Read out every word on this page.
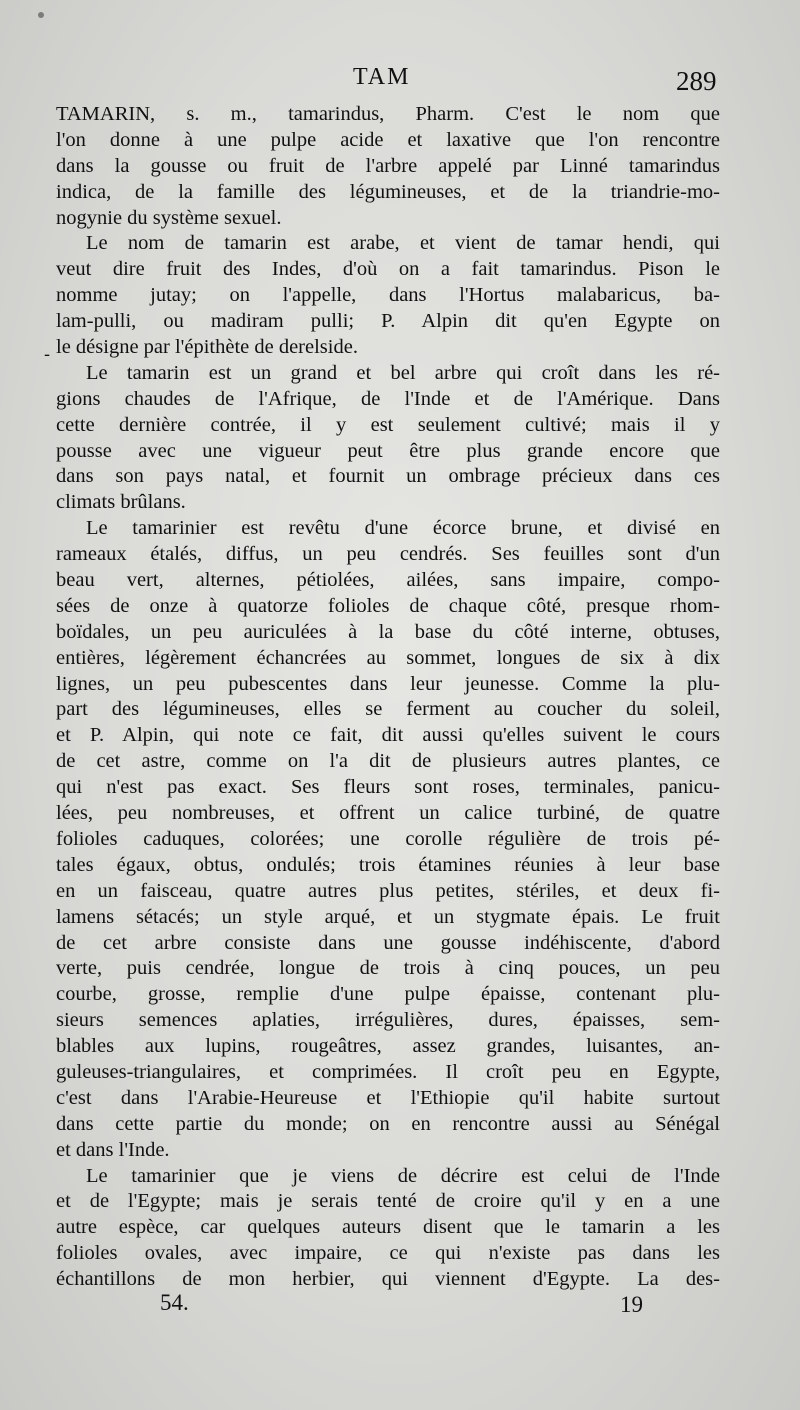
TAM	289
-
TAMARIN, s. m., tamarindus, Pharm. C'est le nom que
l'on donne à une pulpe acide et laxative que l'on rencontre
dans la gousse ou fruit de l'arbre appelé par Linné tamarindus
indica, de la famille des légumineuses, et de la triandrie-mo-
nogynie du système sexuel.
Le nom de tamarin est arabe, et vient de tamar hendi, qui
veut dire fruit des Indes, d'où on a fait tamarindus. Pison le
nomme jutay; on l'appelle, dans l'Hortus malabaricus, ba-
lam-pulli, ou madiram pulli; P. Alpin dit qu'en Egypte on
le désigne par l'épithète de derelside.
Le tamarin est un grand et bel arbre qui croît dans les ré-
gions chaudes de l'Afrique, de l'Inde et de l'Amérique. Dans
cette dernière contrée, il y est seulement cultivé; mais il y
pousse avec une vigueur peut être plus grande encore que
dans son pays natal, et fournit un ombrage précieux dans ces
climats brûlans.
Le tamarinier est revêtu d'une écorce brune, et divisé en
rameaux étalés, diffus, un peu cendrés. Ses feuilles sont d'un
beau vert, alternes, pétiolées, ailées, sans impaire, compo-
sées de onze à quatorze folioles de chaque côté, presque rhom-
boïdales, un peu auriculées à la base du côté interne, obtuses,
entières, légèrement échancrées au sommet, longues de six à dix
lignes, un peu pubescentes dans leur jeunesse. Comme la plu-
part des légumineuses, elles se ferment au coucher du soleil,
et P. Alpin, qui note ce fait, dit aussi qu'elles suivent le cours
de cet astre, comme on l'a dit de plusieurs autres plantes, ce
qui n'est pas exact. Ses fleurs sont roses, terminales, panicu-
lées, peu nombreuses, et offrent un calice turbiné, de quatre
folioles caduques, colorées; une corolle régulière de trois pé-
tales égaux, obtus, ondulés; trois étamines réunies à leur base
en un faisceau, quatre autres plus petites, stériles, et deux fi-
lamens sétacés; un style arqué, et un stygmate épais. Le fruit
de cet arbre consiste dans une gousse indéhiscente, d'abord
verte, puis cendrée, longue de trois à cinq pouces, un peu
courbe, grosse, remplie d'une pulpe épaisse, contenant plu-
sieurs semences aplaties, irrégulières, dures, épaisses, sem-
blables aux lupins, rougeâtres, assez grandes, luisantes, an-
guleuses-triangulaires, et comprimées. Il croît peu en Egypte,
c'est dans l'Arabie-Heureuse et l'Ethiopie qu'il habite surtout
dans cette partie du monde; on en rencontre aussi au Sénégal
et dans l'Inde.
Le tamarinier que je viens de décrire est celui de l'Inde
et de l'Egypte; mais je serais tenté de croire qu'il y en a une
autre espèce, car quelques auteurs disent que le tamarin a les
folioles ovales, avec impaire, ce qui n'existe pas dans les
échantillons de mon herbier, qui viennent d'Egypte. La des-
54.	19
